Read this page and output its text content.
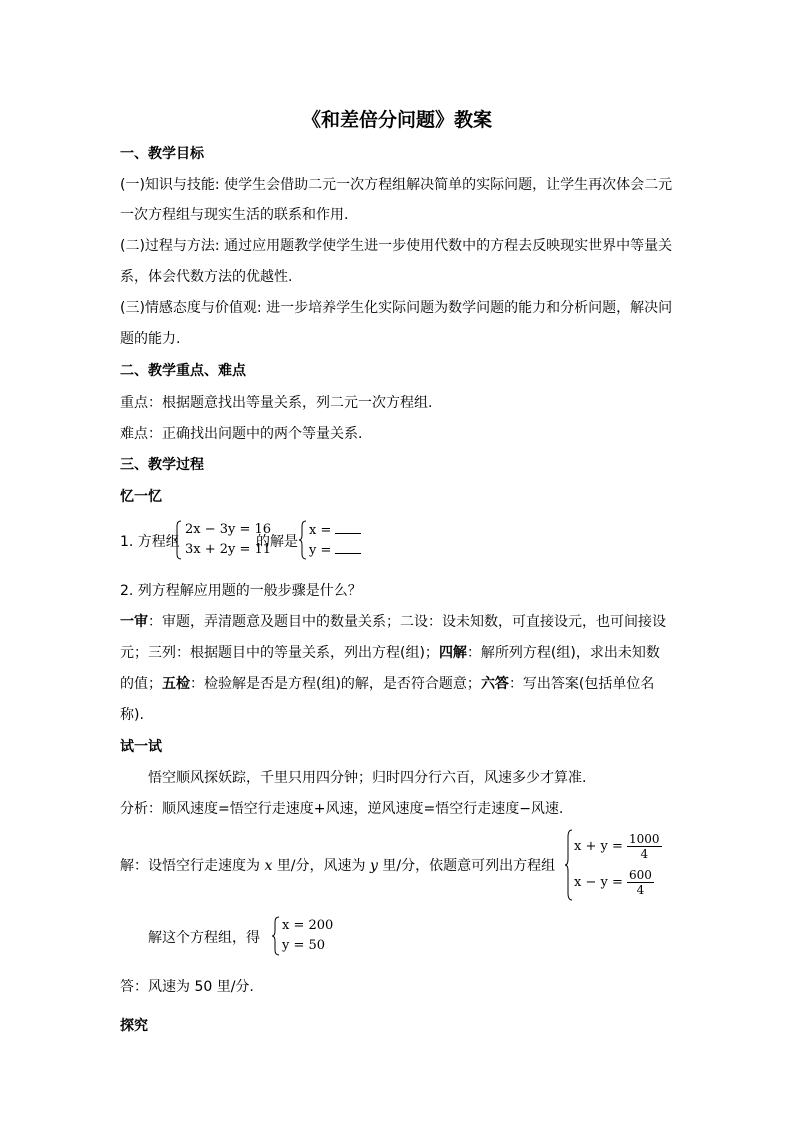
《和差倍分问题》教案
一、教学目标
(一)知识与技能: 使学生会借助二元一次方程组解决简单的实际问题，让学生再次体会二元
一次方程组与现实生活的联系和作用.
(二)过程与方法: 通过应用题教学使学生进一步使用代数中的方程去反映现实世界中等量关
系，体会代数方法的优越性.
(三)情感态度与价值观: 进一步培养学生化实际问题为数学问题的能力和分析问题，解决问
题的能力.
二、教学重点、难点
重点：根据题意找出等量关系，列二元一次方程组.
难点：正确找出问题中的两个等量关系.
三、教学过程
忆一忆
1. 方程组
2x − 3y = 16
3x + 2y = 11
的解是
x =
y =
2. 列方程解应用题的一般步骤是什么？
一审：审题，弄清题意及题目中的数量关系；二设：设未知数，可直接设元，也可间接设
元；三列：根据题目中的等量关系，列出方程(组)；四解：解所列方程(组)，求出未知数
的值；五检：检验解是否是方程(组)的解，是否符合题意；六答：写出答案(包括单位名
称).
试一试
悟空顺风探妖踪，千里只用四分钟；归时四分行六百，风速多少才算准.
分析：顺风速度=悟空行走速度+风速，逆风速度=悟空行走速度−风速.
解：设悟空行走速度为 x 里/分，风速为 y 里/分，依题意可列出方程组
$x + y = \frac{1000}{4}$
$x - y = \frac{600}{4}$
解这个方程组，得
x = 200
y = 50
答：风速为 50 里/分.
探究
